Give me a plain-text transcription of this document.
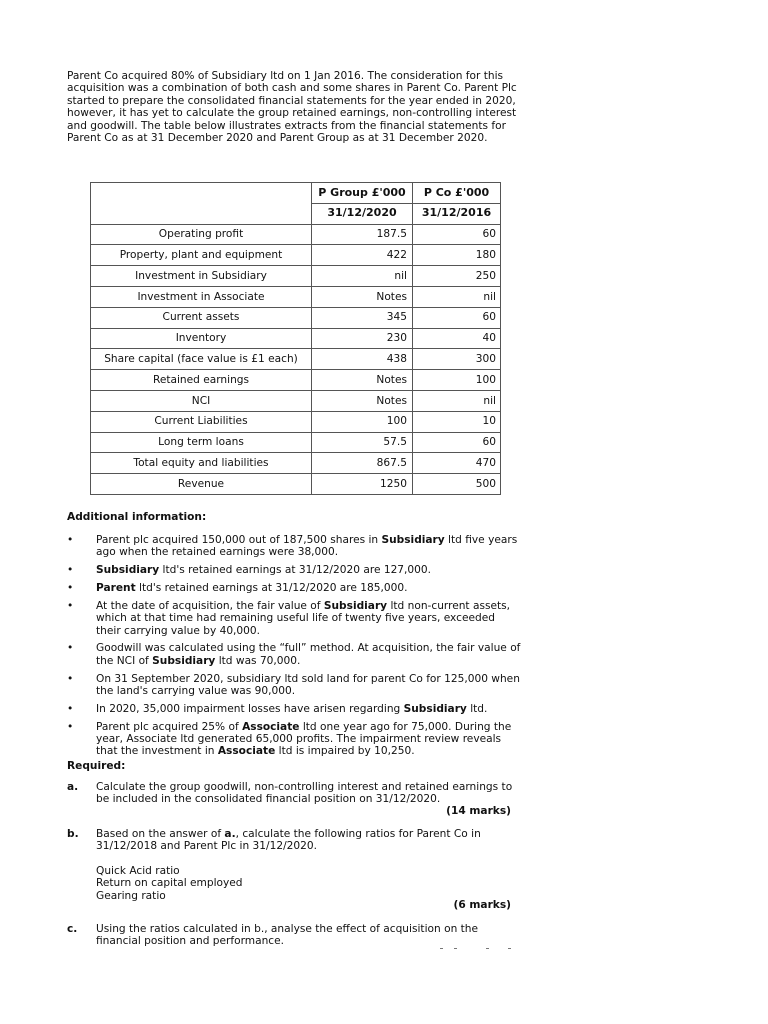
Parent Co acquired 80% of Subsidiary ltd on 1 Jan 2016. The consideration for this acquisition was a combination of both cash and some shares in Parent Co. Parent Plc started to prepare the consolidated financial statements for the year ended in 2020, however, it has yet to calculate the group retained earnings, non-controlling interest and goodwill. The table below illustrates extracts from the financial statements for Parent Co as at 31 December 2020 and Parent Group as at 31 December 2020.

	P Group £'000	P Co £'000
	31/12/2020	31/12/2016
Operating profit	187.5	60
Property, plant and equipment	422	180
Investment in Subsidiary	nil	250
Investment in Associate	Notes	nil
Current assets	345	60
Inventory	230	40
Share capital (face value is £1 each)	438	300
Retained earnings	Notes	100
NCI	Notes	nil
Current Liabilities	100	10
Long term loans	57.5	60
Total equity and liabilities	867.5	470
Revenue	1250	500

Additional information:

• Parent plc acquired 150,000 out of 187,500 shares in Subsidiary ltd five years ago when the retained earnings were 38,000.
• Subsidiary ltd's retained earnings at 31/12/2020 are 127,000.
• Parent ltd's retained earnings at 31/12/2020 are 185,000.
• At the date of acquisition, the fair value of Subsidiary ltd non-current assets, which at that time had remaining useful life of twenty five years, exceeded their carrying value by 40,000.
• Goodwill was calculated using the “full” method. At acquisition, the fair value of the NCI of Subsidiary ltd was 70,000.
• On 31 September 2020, subsidiary ltd sold land for parent Co for 125,000 when the land's carrying value was 90,000.
• In 2020, 35,000 impairment losses have arisen regarding Subsidiary ltd.
• Parent plc acquired 25% of Associate ltd one year ago for 75,000. During the year, Associate ltd generated 65,000 profits. The impairment review reveals that the investment in Associate ltd is impaired by 10,250.

Required:

a. Calculate the group goodwill, non-controlling interest and retained earnings to be included in the consolidated financial position on 31/12/2020.
(14 marks)
b. Based on the answer of a., calculate the following ratios for Parent Co in 31/12/2018 and Parent Plc in 31/12/2020.
Quick Acid ratio
Return on capital employed
Gearing ratio
(6 marks)
c. Using the ratios calculated in b., analyse the effect of acquisition on the financial position and performance.
